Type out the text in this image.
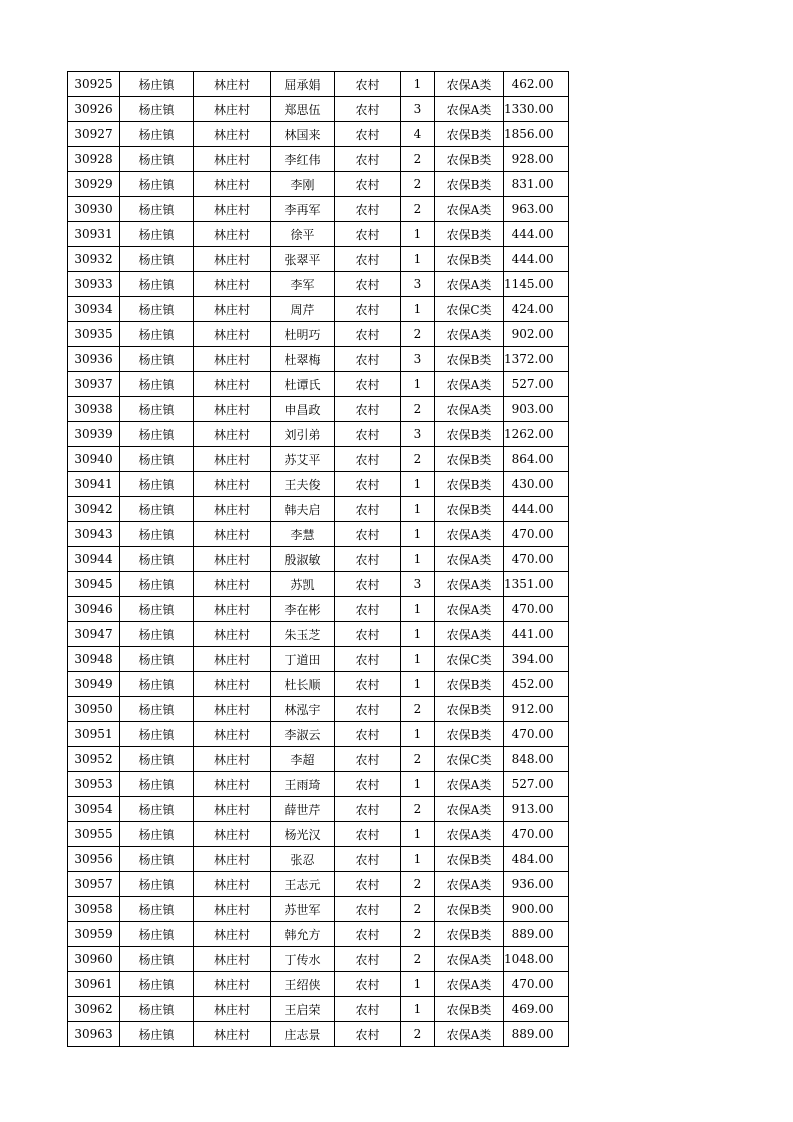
30925	杨庄镇	林庄村	屈承娟	农村	1	农保A类	462.00
30926	杨庄镇	林庄村	郑思伍	农村	3	农保A类	1330.00
30927	杨庄镇	林庄村	林国来	农村	4	农保B类	1856.00
30928	杨庄镇	林庄村	李红伟	农村	2	农保B类	928.00
30929	杨庄镇	林庄村	李刚	农村	2	农保B类	831.00
30930	杨庄镇	林庄村	李再军	农村	2	农保A类	963.00
30931	杨庄镇	林庄村	徐平	农村	1	农保B类	444.00
30932	杨庄镇	林庄村	张翠平	农村	1	农保B类	444.00
30933	杨庄镇	林庄村	李军	农村	3	农保A类	1145.00
30934	杨庄镇	林庄村	周芹	农村	1	农保C类	424.00
30935	杨庄镇	林庄村	杜明巧	农村	2	农保A类	902.00
30936	杨庄镇	林庄村	杜翠梅	农村	3	农保B类	1372.00
30937	杨庄镇	林庄村	杜谭氏	农村	1	农保A类	527.00
30938	杨庄镇	林庄村	申昌政	农村	2	农保A类	903.00
30939	杨庄镇	林庄村	刘引弟	农村	3	农保B类	1262.00
30940	杨庄镇	林庄村	苏艾平	农村	2	农保B类	864.00
30941	杨庄镇	林庄村	王夫俊	农村	1	农保B类	430.00
30942	杨庄镇	林庄村	韩夫启	农村	1	农保B类	444.00
30943	杨庄镇	林庄村	李慧	农村	1	农保A类	470.00
30944	杨庄镇	林庄村	殷淑敏	农村	1	农保A类	470.00
30945	杨庄镇	林庄村	苏凯	农村	3	农保A类	1351.00
30946	杨庄镇	林庄村	李在彬	农村	1	农保A类	470.00
30947	杨庄镇	林庄村	朱玉芝	农村	1	农保A类	441.00
30948	杨庄镇	林庄村	丁道田	农村	1	农保C类	394.00
30949	杨庄镇	林庄村	杜长顺	农村	1	农保B类	452.00
30950	杨庄镇	林庄村	林泓宇	农村	2	农保B类	912.00
30951	杨庄镇	林庄村	李淑云	农村	1	农保B类	470.00
30952	杨庄镇	林庄村	李超	农村	2	农保C类	848.00
30953	杨庄镇	林庄村	王雨琦	农村	1	农保A类	527.00
30954	杨庄镇	林庄村	薛世芹	农村	2	农保A类	913.00
30955	杨庄镇	林庄村	杨光汉	农村	1	农保A类	470.00
30956	杨庄镇	林庄村	张忍	农村	1	农保B类	484.00
30957	杨庄镇	林庄村	王志元	农村	2	农保A类	936.00
30958	杨庄镇	林庄村	苏世军	农村	2	农保B类	900.00
30959	杨庄镇	林庄村	韩允方	农村	2	农保B类	889.00
30960	杨庄镇	林庄村	丁传水	农村	2	农保A类	1048.00
30961	杨庄镇	林庄村	王绍侠	农村	1	农保A类	470.00
30962	杨庄镇	林庄村	王启荣	农村	1	农保B类	469.00
30963	杨庄镇	林庄村	庄志景	农村	2	农保A类	889.00
